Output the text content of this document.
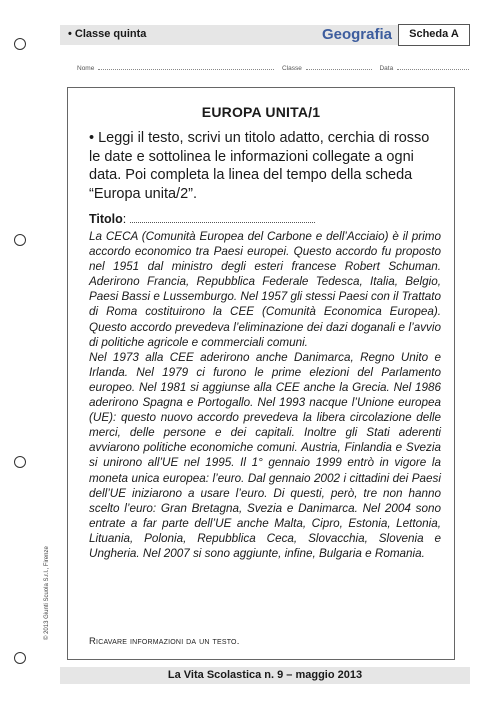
• Classe quinta	Geografia	Scheda A
Nome	Classe	Data
EUROPA UNITA/1
• Leggi il testo, scrivi un titolo adatto, cerchia di rosso le date e sottolinea le informazioni collegate a ogni data. Poi completa la linea del tempo della scheda “Europa unita/2”.
Titolo:

La CECA (Comunità Europea del Carbone e dell’Acciaio) è il primo accordo economico tra Paesi europei. Questo accordo fu proposto nel 1951 dal ministro degli esteri francese Robert Schuman. Aderirono Francia, Repubblica Federale Tedesca, Italia, Belgio, Paesi Bassi e Lussemburgo. Nel 1957 gli stessi Paesi con il Trattato di Roma costituirono la CEE (Comunità Economica Europea). Questo accordo prevedeva l’eliminazione dei dazi doganali e l’avvio di politiche agricole e commerciali comuni.

Nel 1973 alla CEE aderirono anche Danimarca, Regno Unito e Irlanda. Nel 1979 ci furono le prime elezioni del Parlamento europeo. Nel 1981 si aggiunse alla CEE anche la Grecia. Nel 1986 aderirono Spagna e Portogallo. Nel 1993 nacque l’Unione europea (UE): questo nuovo accordo prevedeva la libera circolazione delle merci, delle persone e dei capitali. Inoltre gli Stati aderenti avviarono politiche economiche comuni. Austria, Finlandia e Svezia si unirono all’UE nel 1995. Il 1° gennaio 1999 entrò in vigore la moneta unica europea: l’euro. Dal gennaio 2002 i cittadini dei Paesi dell’UE iniziarono a usare l’euro. Di questi, però, tre non hanno scelto l’euro: Gran Bretagna, Svezia e Danimarca. Nel 2004 sono entrate a far parte dell’UE anche Malta, Cipro, Estonia, Lettonia, Lituania, Polonia, Repubblica Ceca, Slovacchia, Slovenia e Ungheria. Nel 2007 si sono aggiunte, infine, Bulgaria e Romania.

Ricavare informazioni da un testo.
© 2013 Giunti Scuola S.r.l., Firenze
La Vita Scolastica n. 9 – maggio 2013
